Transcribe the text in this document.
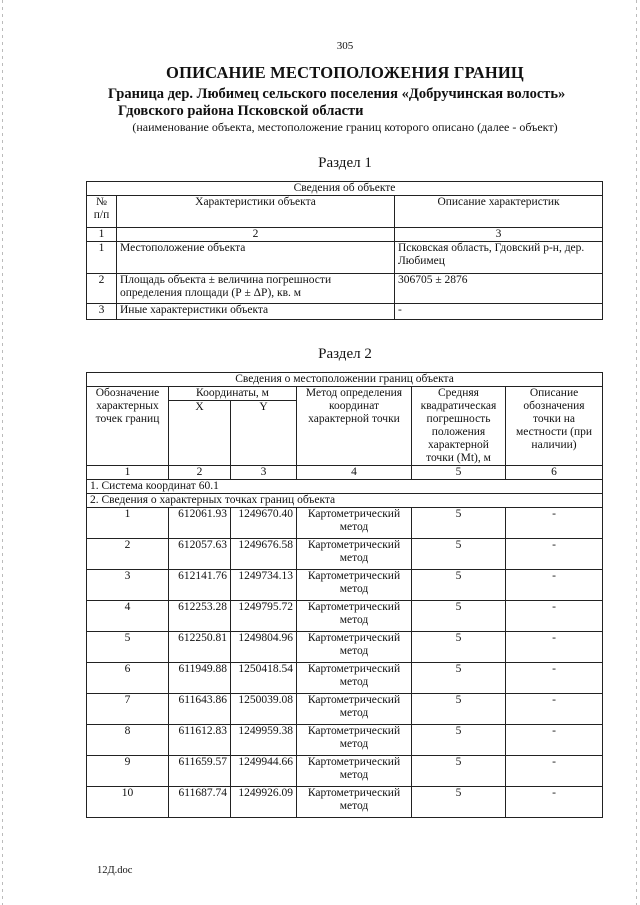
305
ОПИСАНИЕ МЕСТОПОЛОЖЕНИЯ ГРАНИЦ
Граница дер. Любимец сельского поселения «Добручинская волость»
Гдовского района Псковской области
(наименование объекта, местоположение границ которого описано (далее - объект)
Раздел 1
Сведения об объекте		
№ п/п	Характеристики объекта	Описание характеристик
1	2	3
1	Местоположение объекта	Псковская область, Гдовский р-н, дер. Любимец
2	Площадь объекта ± величина погрешности определения площади (Р ± ΔР), кв. м	306705 ± 2876
3	Иные характеристики объекта	-
Раздел 2
Сведения о местоположении границ объекта					
Обозначение характерных точек границ	Координаты, м		Метод определения координат характерной точки	Средняя квадратическая погрешность положения характерной точки (Мt), м	Описание обозначения точки на местности (при наличии)
	X	Y			
1	2	3	4	5	6
1. Система координат 60.1					
2. Сведения о характерных точках границ объекта					
1	612061.93	1249670.40	Картометрический метод	5	-
2	612057.63	1249676.58	Картометрический метод	5	-
3	612141.76	1249734.13	Картометрический метод	5	-
4	612253.28	1249795.72	Картометрический метод	5	-
5	612250.81	1249804.96	Картометрический метод	5	-
6	611949.88	1250418.54	Картометрический метод	5	-
7	611643.86	1250039.08	Картометрический метод	5	-
8	611612.83	1249959.38	Картометрический метод	5	-
9	611659.57	1249944.66	Картометрический метод	5	-
10	611687.74	1249926.09	Картометрический метод	5	-
12Д.doc
